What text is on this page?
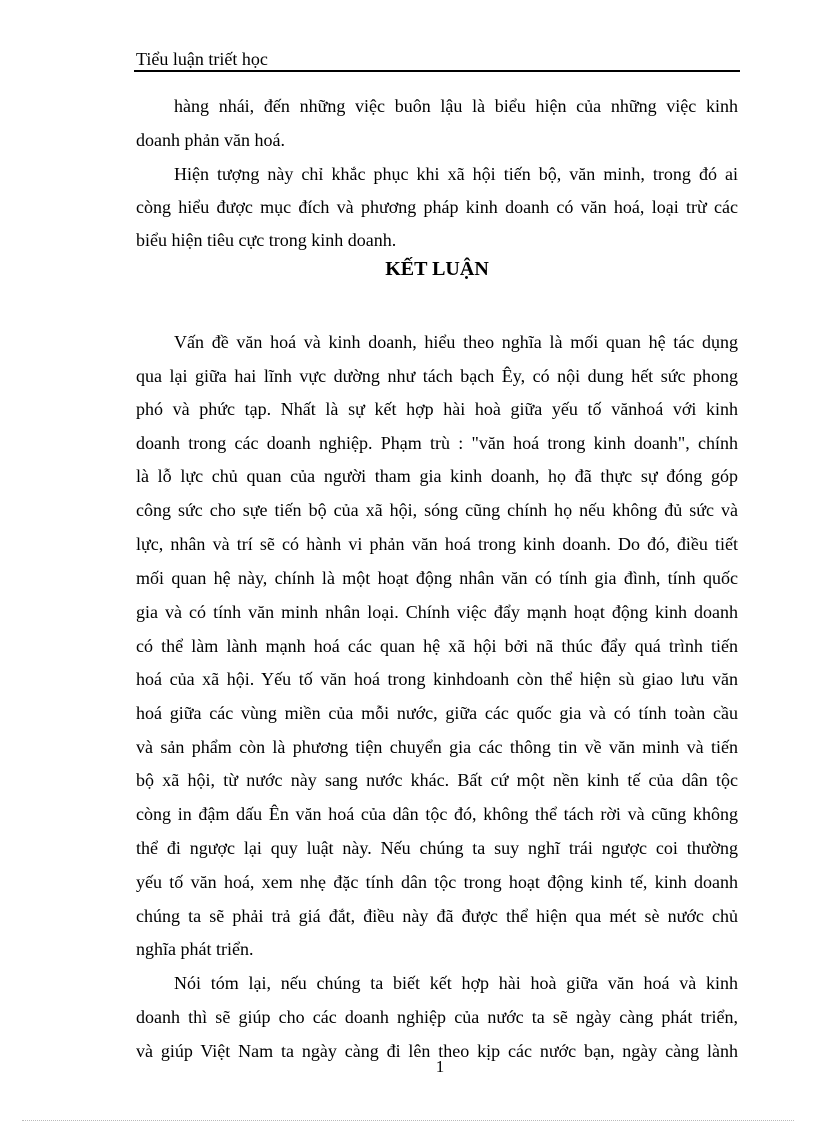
Tiểu luận triết học
hàng nhái, đến những việc buôn lậu là biểu hiện của những việc kinh
doanh phản văn hoá.
Hiện tượng này chỉ khắc phục khi xã hội tiến bộ, văn minh, trong đó ai
còng hiểu được mục đích và phương pháp kinh doanh có văn hoá, loại trừ các
biểu hiện tiêu cực trong kinh doanh.
KẾT LUẬN
Vấn đề văn hoá và kinh doanh, hiểu theo nghĩa là mối quan hệ tác dụng
qua lại giữa hai lĩnh vực dường như tách bạch Êy, có nội dung hết sức phong
phó và phức tạp. Nhất là sự kết hợp hài hoà giữa yếu tố vănhoá với kinh
doanh trong các doanh nghiệp. Phạm trù : "văn hoá trong kinh doanh", chính
là lỗ lực chủ quan của người tham gia kinh doanh, họ đã thực sự đóng góp
công sức cho sựe tiến bộ của xã hội, sóng cũng chính họ nếu không đủ sức và
lực, nhân và trí sẽ có hành vi phản văn hoá trong kinh doanh. Do đó, điều tiết
mối quan hệ này, chính là một hoạt động nhân văn có tính gia đình, tính quốc
gia và có tính văn minh nhân loại. Chính việc đẩy mạnh hoạt động kinh doanh
có thể làm lành mạnh hoá các quan hệ xã hội bởi nã thúc đẩy quá trình tiến
hoá của xã hội. Yếu tố văn hoá trong kinhdoanh còn thể hiện sù giao lưu văn
hoá giữa các vùng miền của mỗi nước, giữa các quốc gia và có tính toàn cầu
và sản phẩm còn là phương tiện chuyển gia các thông tin về văn minh và tiến
bộ xã hội, từ nước này sang nước khác. Bất cứ một nền kinh tế của dân tộc
còng in đậm dấu Ên văn hoá của dân tộc đó, không thể tách rời và cũng không
thể đi ngược lại quy luật này. Nếu chúng ta suy nghĩ trái ngược coi thường
yếu tố văn hoá, xem nhẹ đặc tính dân tộc trong hoạt động kinh tế, kinh doanh
chúng ta sẽ phải trả giá đắt, điều này đã được thể hiện qua mét sè nước chủ
nghĩa phát triển.
Nói tóm lại, nếu chúng ta biết kết hợp hài hoà giữa văn hoá và kinh
doanh thì sẽ giúp cho các doanh nghiệp của nước ta sẽ ngày càng phát triển,
và giúp Việt Nam ta ngày càng đi lên theo kịp các nước bạn, ngày càng lành
1
